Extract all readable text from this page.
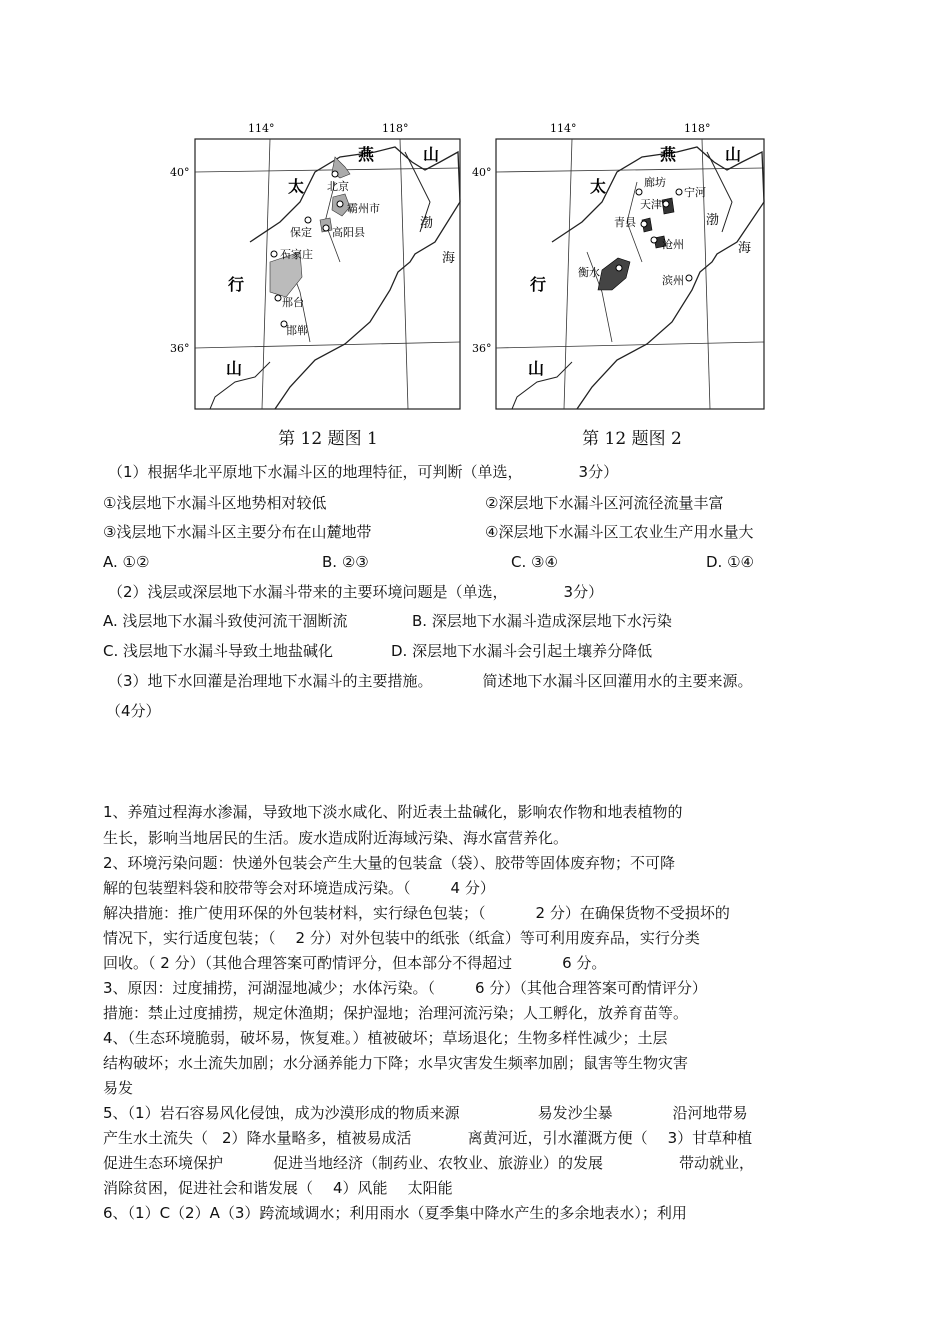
114°	118°
40°
36°
燕	山
太
行
山
渤
海
北京
霸州市
保定 高阳县
石家庄
邢台
邯郸
第 12 题图 1
114°	118°
40°
36°
燕	山
太
行
山
渤
海
廊坊
宁河
天津
青县
沧州
衡水
滨州
第 12 题图 2
（1）根据华北平原地下水漏斗区的地理特征，可判断（单选，	3分）
①浅层地下水漏斗区地势相对较低	②深层地下水漏斗区河流径流量丰富
③浅层地下水漏斗区主要分布在山麓地带	④深层地下水漏斗区工农业生产用水量大
A. ①②	B. ②③	C. ③④	D. ①④
（2）浅层或深层地下水漏斗带来的主要环境问题是（单选，	3分）
A. 浅层地下水漏斗致使河流干涸断流	B. 深层地下水漏斗造成深层地下水污染
C. 浅层地下水漏斗导致土地盐碱化	D. 深层地下水漏斗会引起土壤养分降低
（3）地下水回灌是治理地下水漏斗的主要措施。	简述地下水漏斗区回灌用水的主要来源。
（4分）
1、养殖过程海水渗漏，导致地下淡水咸化、附近表土盐碱化，影响农作物和地表植物的
生长，影响当地居民的生活。废水造成附近海域污染、海水富营养化。
2、环境污染问题：快递外包装会产生大量的包装盒（袋）、胶带等固体废弃物；不可降
解的包装塑料袋和胶带等会对环境造成污染。（	4 分）
解决措施：推广使用环保的外包装材料，实行绿色包装；（	2 分）在确保货物不受损坏的
情况下，实行适度包装；（ 2 分）对外包装中的纸张（纸盒）等可利用废弃品，实行分类
回收。（ 2 分）（其他合理答案可酌情评分，但本部分不得超过	6 分。
3、原因：过度捕捞，河湖湿地减少；水体污染。（	6 分）（其他合理答案可酌情评分）
措施：禁止过度捕捞，规定休渔期；保护湿地；治理河流污染；人工孵化，放养育苗等。
4、（生态环境脆弱，破坏易，恢复难。）植被破坏；草场退化；生物多样性减少；土层
结构破坏；水土流失加剧；水分涵养能力下降；水旱灾害发生频率加剧；鼠害等生物灾害
易发
5、（1）岩石容易风化侵蚀，成为沙漠形成的物质来源	易发沙尘暴	沿河地带易
产生水土流失（ 2）降水量略多，植被易成活	离黄河近，引水灌溉方便（ 3）甘草种植
促进生态环境保护	促进当地经济（制药业、农牧业、旅游业）的发展	带动就业，
消除贫困，促进社会和谐发展（ 4）风能 太阳能
6、（1）C（2）A（3）跨流域调水；利用雨水（夏季集中降水产生的多余地表水）；利用
